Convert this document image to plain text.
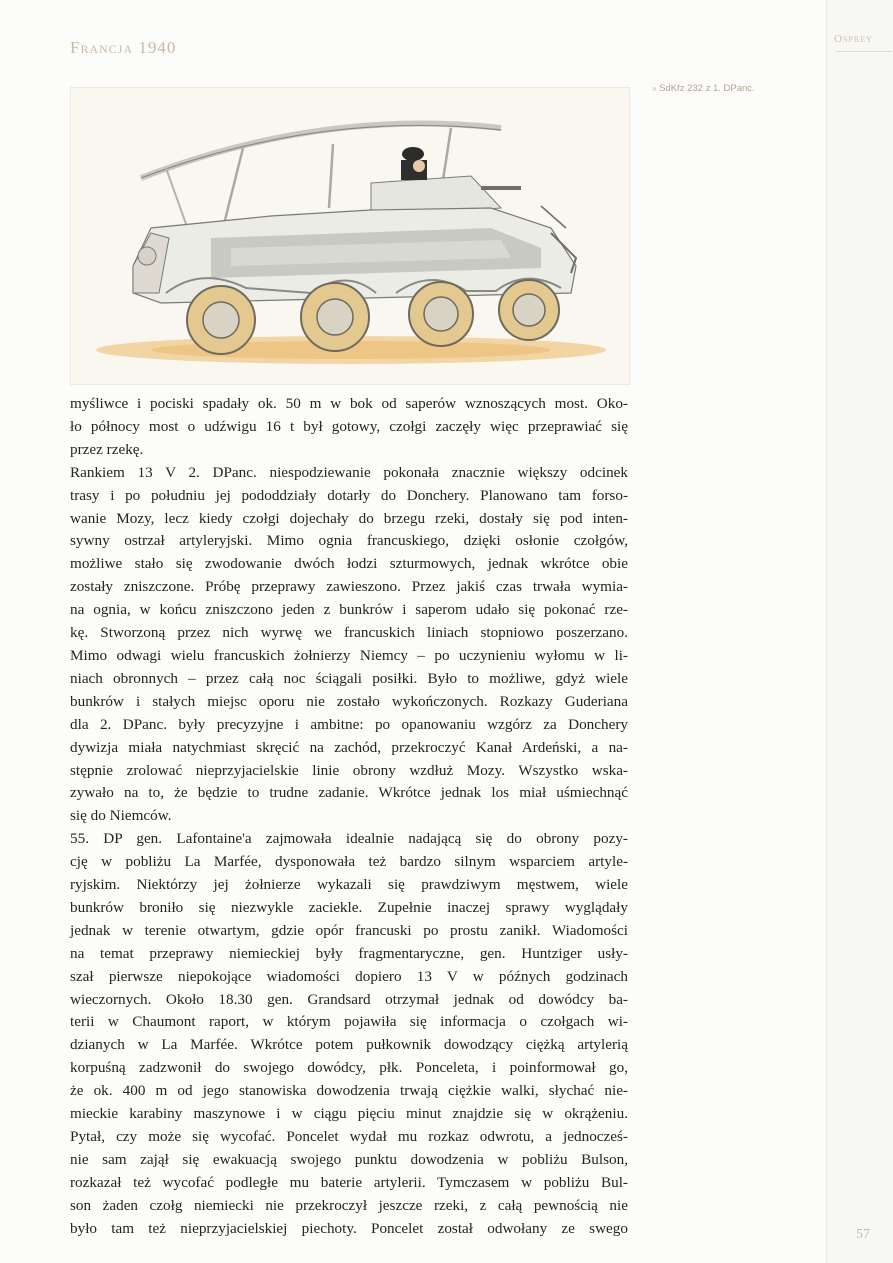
Francja 1940	Osprey
» SdKfz 232 z 1. DPanc.

myśliwce i pociski spadały ok. 50 m w bok od saperów wznoszących most. Oko-
ło północy most o udźwigu 16 t był gotowy, czołgi zaczęły więc przeprawiać się
przez rzekę.

Rankiem 13 V 2. DPanc. niespodziewanie pokonała znacznie większy odcinek
trasy i po południu jej pododdziały dotarły do Donchery. Planowano tam forso-
wanie Mozy, lecz kiedy czołgi dojechały do brzegu rzeki, dostały się pod inten-
sywny ostrzał artyleryjski. Mimo ognia francuskiego, dzięki osłonie czołgów,
możliwe stało się zwodowanie dwóch łodzi szturmowych, jednak wkrótce obie
zostały zniszczone. Próbę przeprawy zawieszono. Przez jakiś czas trwała wymia-
na ognia, w końcu zniszczono jeden z bunkrów i saperom udało się pokonać rze-
kę. Stworzoną przez nich wyrwę we francuskich liniach stopniowo poszerzano.
Mimo odwagi wielu francuskich żołnierzy Niemcy – po uczynieniu wyłomu w li-
niach obronnych – przez całą noc ściągali posiłki. Było to możliwe, gdyż wiele
bunkrów i stałych miejsc oporu nie zostało wykończonych. Rozkazy Guderiana
dla 2. DPanc. były precyzyjne i ambitne: po opanowaniu wzgórz za Donchery
dywizja miała natychmiast skręcić na zachód, przekroczyć Kanał Ardeński, a na-
stępnie zrolować nieprzyjacielskie linie obrony wzdłuż Mozy. Wszystko wska-
zywało na to, że będzie to trudne zadanie. Wkrótce jednak los miał uśmiechnąć
się do Niemców.

55. DP gen. Lafontaine'a zajmowała idealnie nadającą się do obrony pozy-
cję w pobliżu La Marfée, dysponowała też bardzo silnym wsparciem artyle-
ryjskim. Niektórzy jej żołnierze wykazali się prawdziwym męstwem, wiele
bunkrów broniło się niezwykle zaciekle. Zupełnie inaczej sprawy wyglądały
jednak w terenie otwartym, gdzie opór francuski po prostu zanikł. Wiadomości
na temat przeprawy niemieckiej były fragmentaryczne, gen. Huntziger usły-
szał pierwsze niepokojące wiadomości dopiero 13 V w późnych godzinach
wieczornych. Około 18.30 gen. Grandsard otrzymał jednak od dowódcy ba-
terii w Chaumont raport, w którym pojawiła się informacja o czołgach wi-
dzianych w La Marfée. Wkrótce potem pułkownik dowodzący ciężką artylerią
korpuśną zadzwonił do swojego dowódcy, płk. Ponceleta, i poinformował go,
że ok. 400 m od jego stanowiska dowodzenia trwają ciężkie walki, słychać nie-
mieckie karabiny maszynowe i w ciągu pięciu minut znajdzie się w okrążeniu.
Pytał, czy może się wycofać. Poncelet wydał mu rozkaz odwrotu, a jednocześ-
nie sam zajął się ewakuacją swojego punktu dowodzenia w pobliżu Bulson,
rozkazał też wycofać podległe mu baterie artylerii. Tymczasem w pobliżu Bul-
son żaden czołg niemiecki nie przekroczył jeszcze rzeki, z całą pewnością nie
było tam też nieprzyjacielskiej piechoty. Poncelet został odwołany ze swego	57
